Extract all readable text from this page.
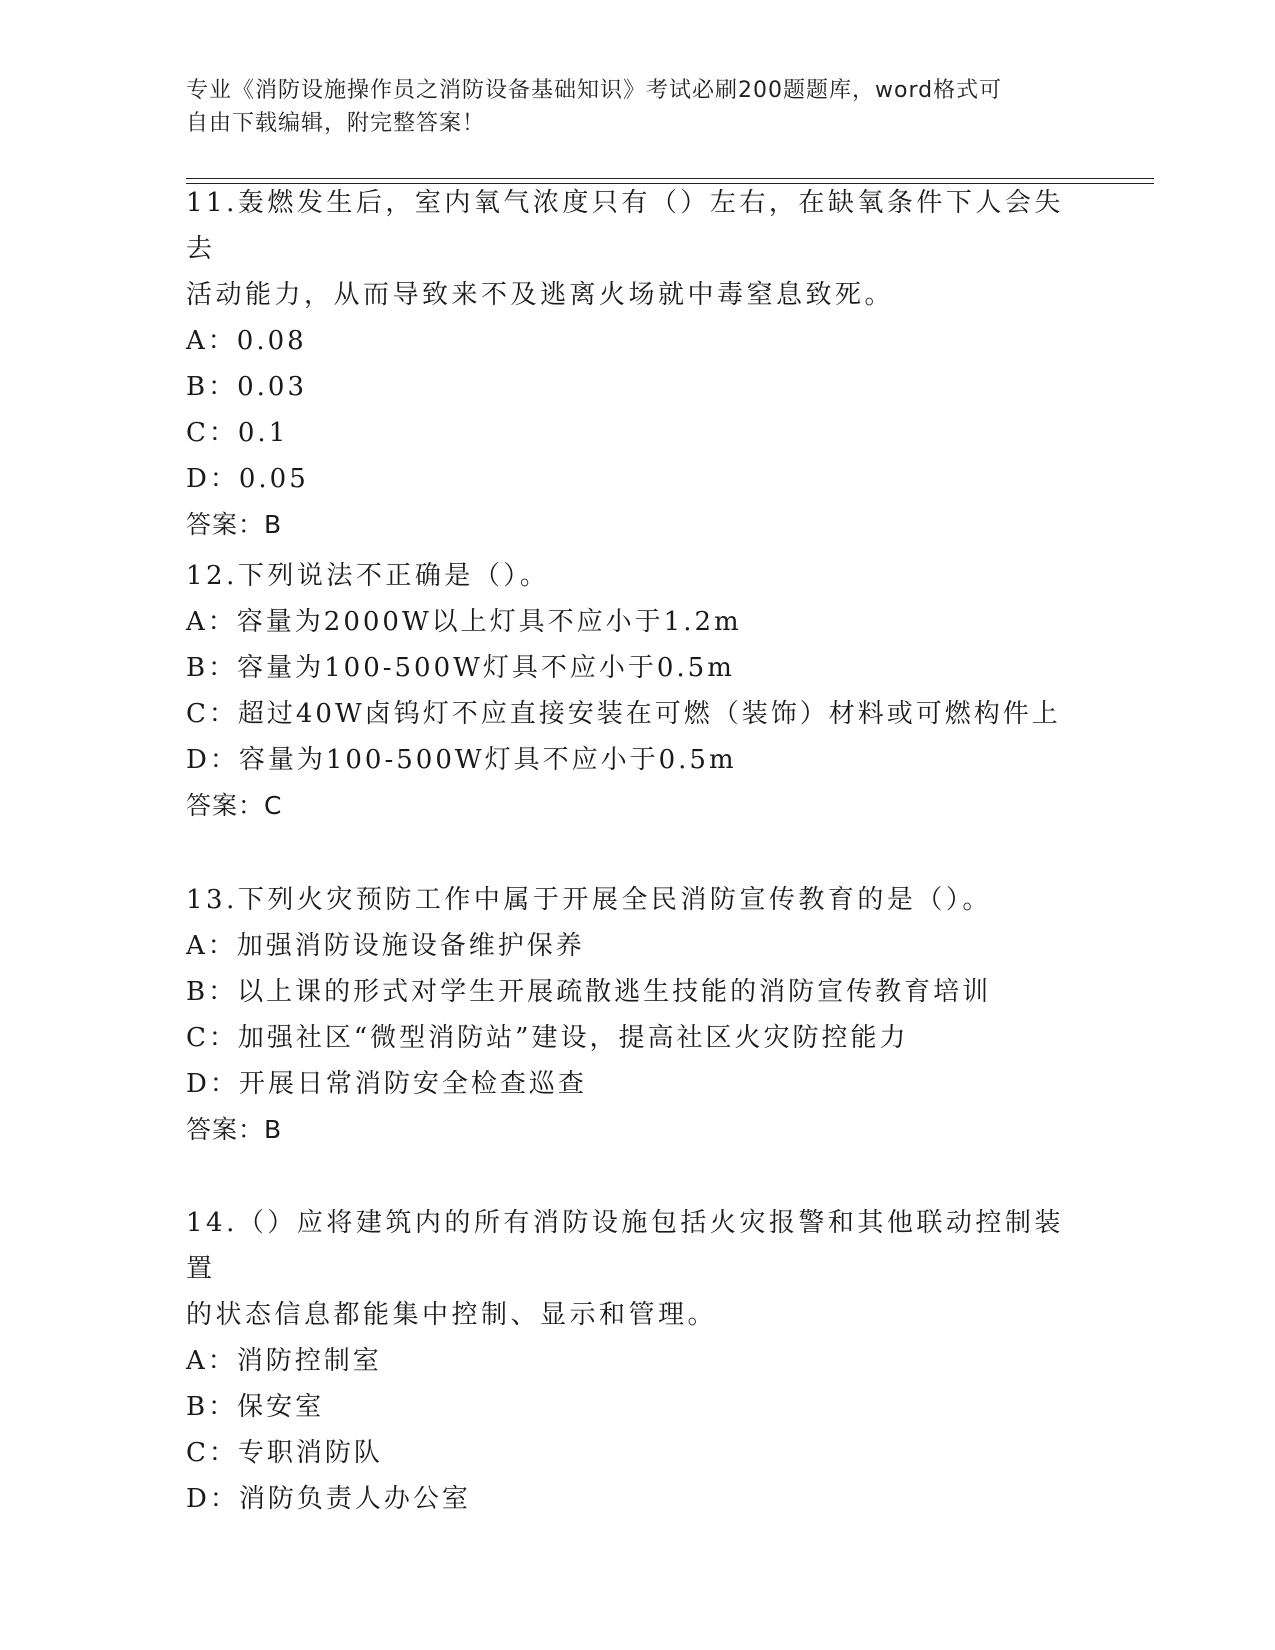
专业《消防设施操作员之消防设备基础知识》考试必刷200题题库，word格式可
自由下载编辑，附完整答案！

11.轰燃发生后，室内氧气浓度只有（）左右，在缺氧条件下人会失去

活动能力，从而导致来不及逃离火场就中毒窒息致死。

A：0.08

B：0.03

C：0.1

D：0.05

答案：B

12.下列说法不正确是（）。

A：容量为2000W以上灯具不应小于1.2m

B：容量为100-500W灯具不应小于0.5m

C：超过40W卤钨灯不应直接安装在可燃（装饰）材料或可燃构件上

D：容量为100-500W灯具不应小于0.5m

答案：C

13.下列火灾预防工作中属于开展全民消防宣传教育的是（）。

A：加强消防设施设备维护保养

B：以上课的形式对学生开展疏散逃生技能的消防宣传教育培训

C：加强社区“微型消防站”建设，提高社区火灾防控能力

D：开展日常消防安全检查巡查

答案：B

14.（）应将建筑内的所有消防设施包括火灾报警和其他联动控制装置

的状态信息都能集中控制、显示和管理。

A：消防控制室

B：保安室

C：专职消防队

D：消防负责人办公室
